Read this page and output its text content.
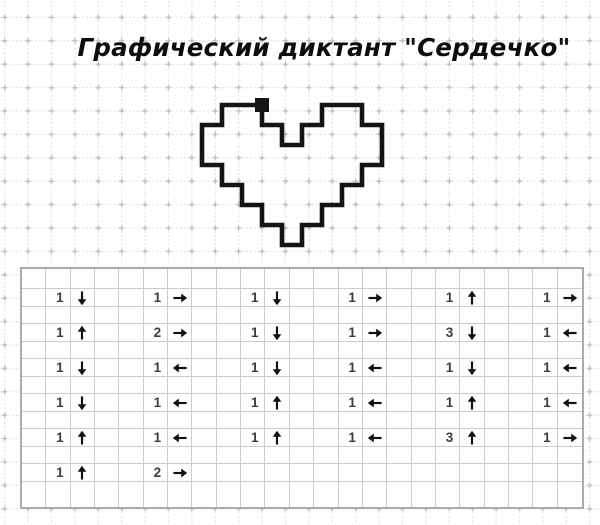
Графический диктант "Сердечко"
1	1	1	1	1	1
1	2	1	1	3	1
1	1	1	1	1	1
1	1	1	1	1	1
1	1	1	1	3	1
1	2
